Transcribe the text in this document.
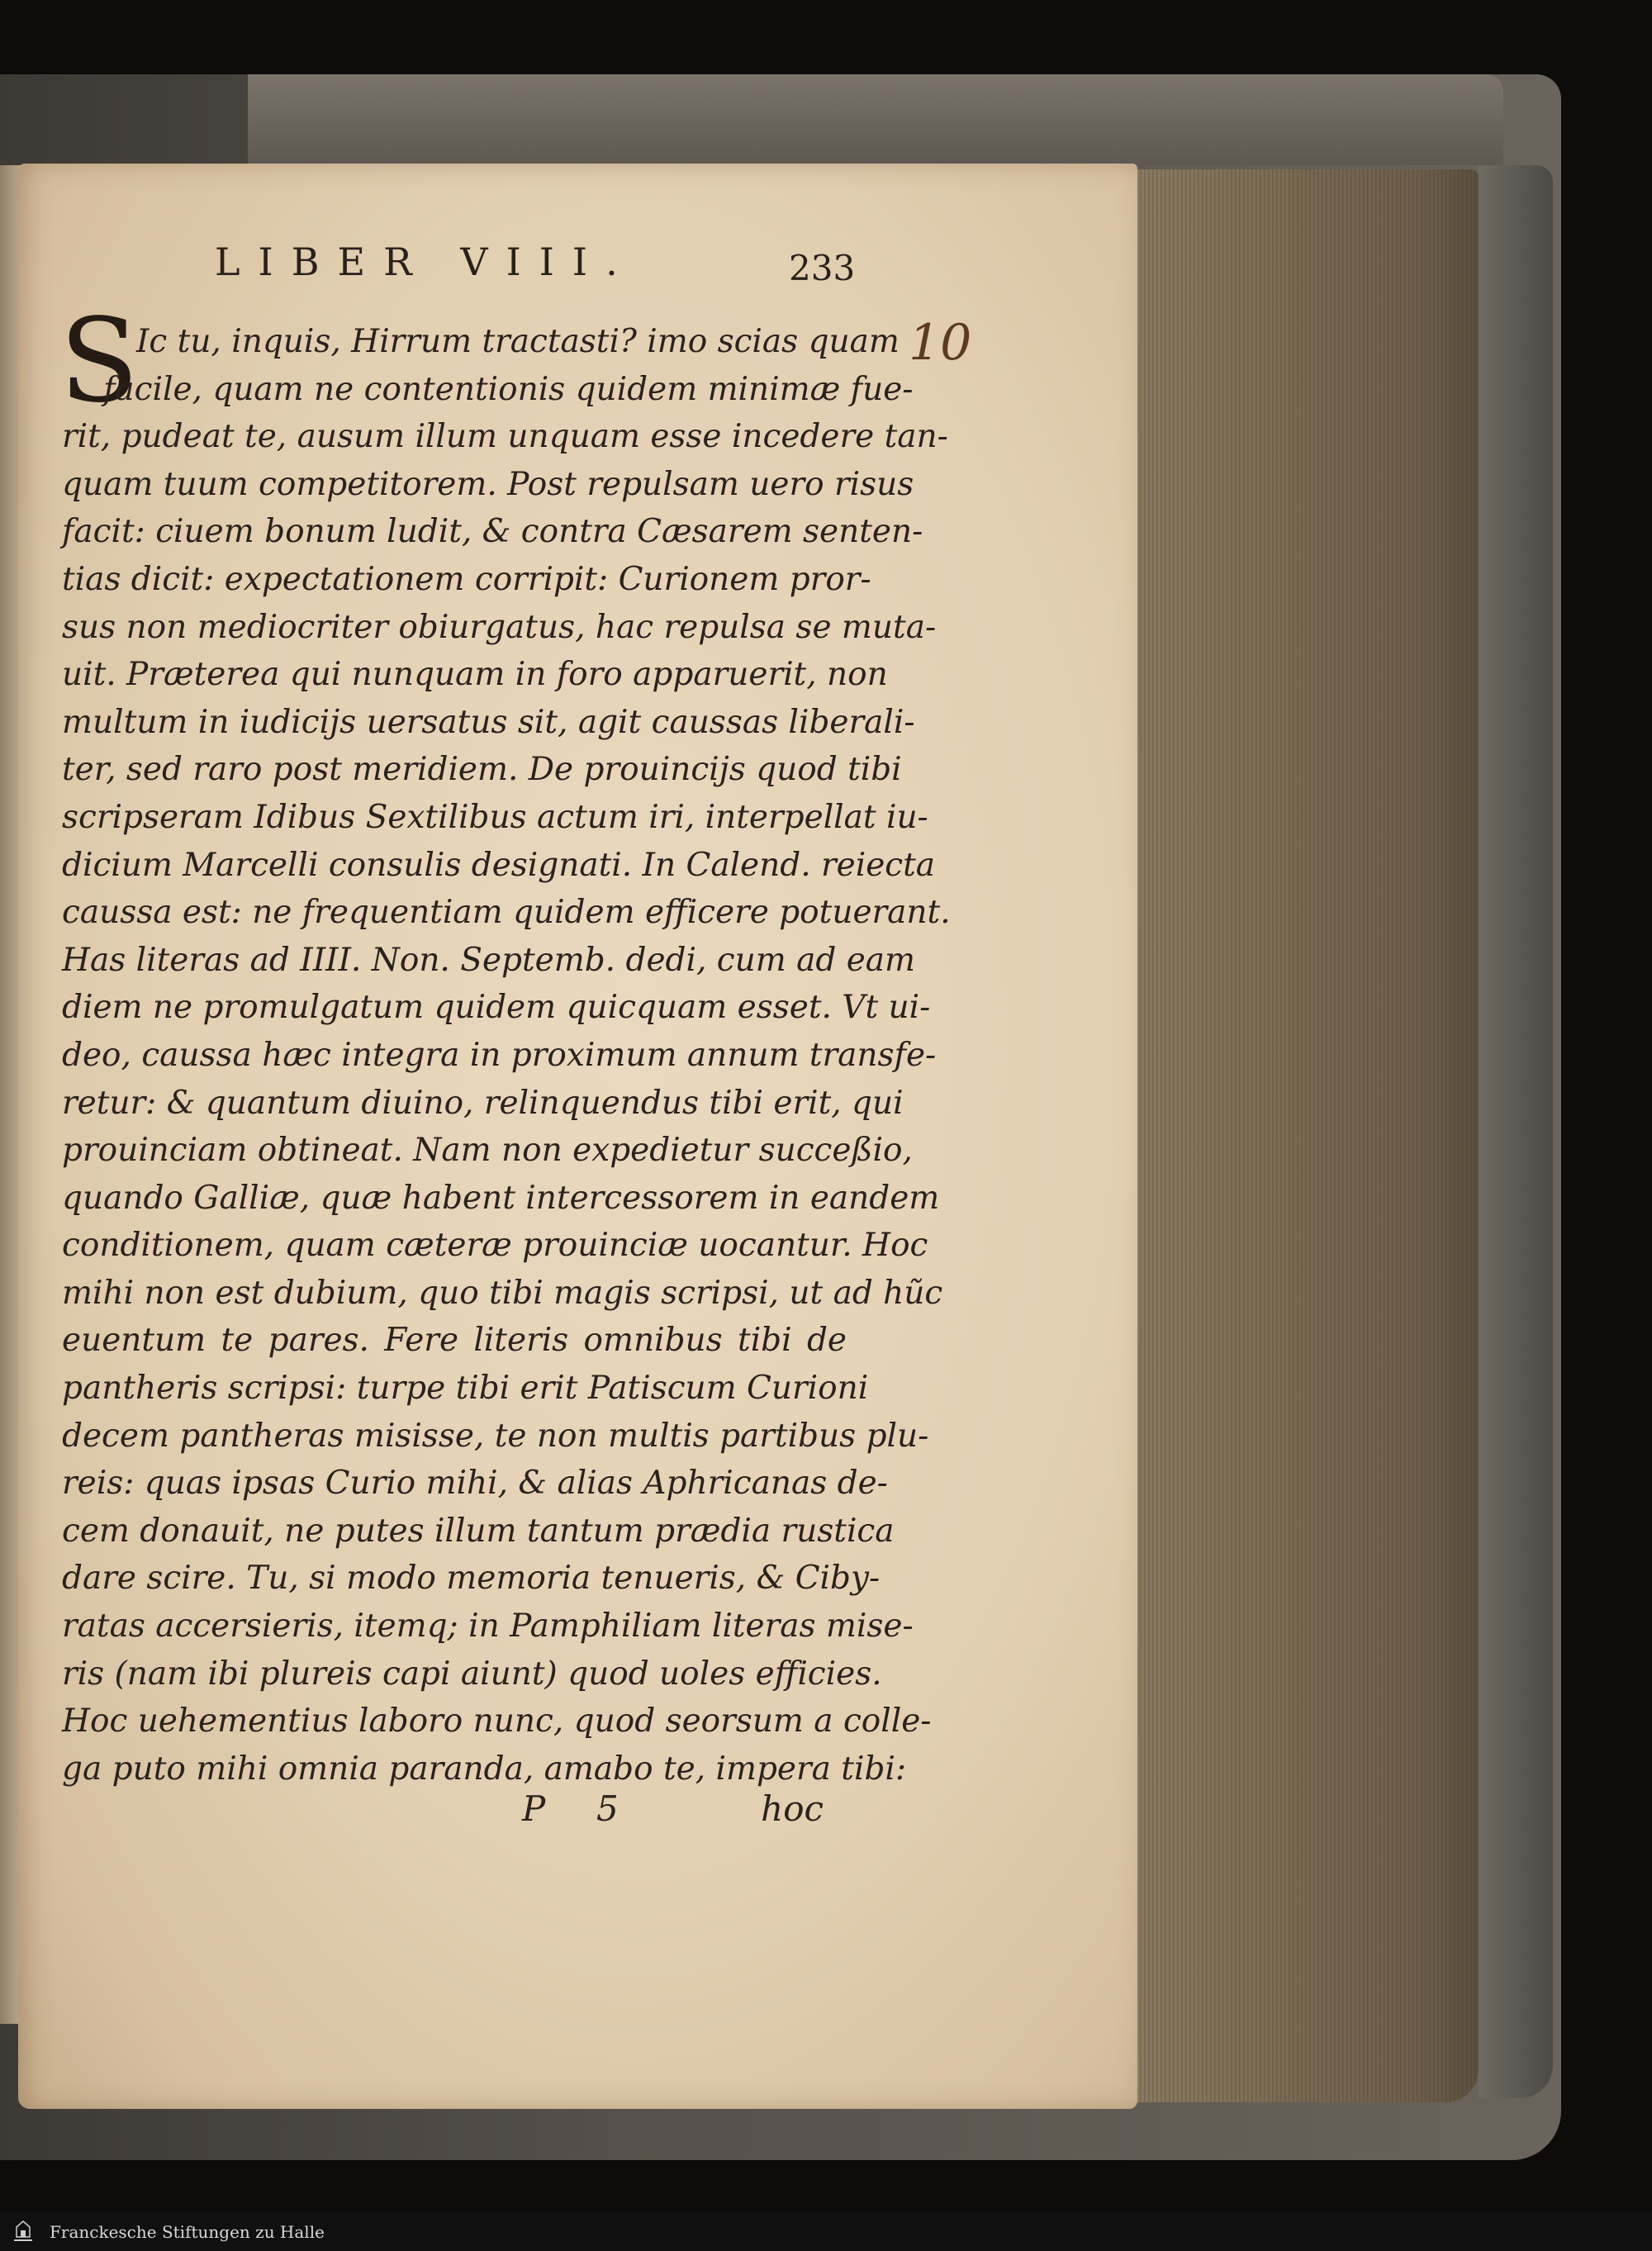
LIBER VIII.	233
10
S
Ic tu, inquis, Hirrum tractasti? imo scias quam
facile, quam ne contentionis quidem minimæ fue-
rit, pudeat te, ausum illum unquam esse incedere tan-
quam tuum competitorem. Post repulsam uero risus
facit: ciuem bonum ludit, & contra Cæsarem senten-
tias dicit: expectationem corripit: Curionem pror-
sus non mediocriter obiurgatus, hac repulsa se muta-
uit. Præterea qui nunquam in foro apparuerit, non
multum in iudicijs uersatus sit, agit caussas liberali-
ter, sed raro post meridiem. De prouincijs quod tibi
scripseram Idibus Sextilibus actum iri, interpellat iu-
dicium Marcelli consulis designati. In Calend. reiecta
caussa est: ne frequentiam quidem efficere potuerant.
Has literas ad IIII. Non. Septemb. dedi, cum ad eam
diem ne promulgatum quidem quicquam esset. Vt ui-
deo, caussa hæc integra in proximum annum transfe-
retur: & quantum diuino, relinquendus tibi erit, qui
prouinciam obtineat. Nam non expedietur succeßio,
quando Galliæ, quæ habent intercessorem in eandem
conditionem, quam cæteræ prouinciæ uocantur. Hoc
mihi non est dubium, quo tibi magis scripsi, ut ad hũc
euentum te pares. Fere literis omnibus tibi de
pantheris scripsi: turpe tibi erit Patiscum Curioni
decem pantheras misisse, te non multis partibus plu-
reis: quas ipsas Curio mihi, & alias Aphricanas de-
cem donauit, ne putes illum tantum prædia rustica
dare scire. Tu, si modo memoria tenueris, & Ciby-
ratas accersieris, itemq; in Pamphiliam literas mise-
ris (nam ibi plureis capi aiunt) quod uoles efficies.
Hoc uehementius laboro nunc, quod seorsum a colle-
ga puto mihi omnia paranda, amabo te, impera tibi:
P 5	hoc
Franckesche Stiftungen zu Halle
